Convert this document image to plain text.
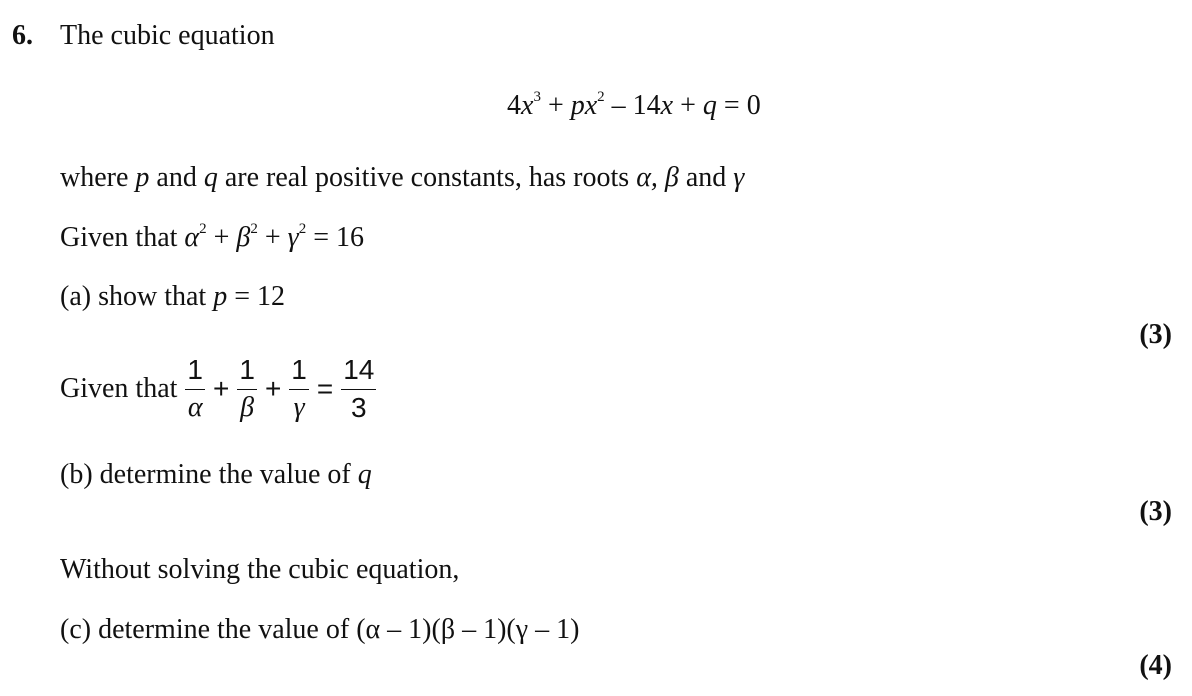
6. The cubic equation
$4x^3 + px^2 - 14x + q = 0$
where p and q are real positive constants, has roots α, β and γ
Given that $\alpha^2 + \beta^2 + \gamma^2 = 16$
(a) show that p = 12
(3)
Given that $\frac{1}{\alpha} + \frac{1}{\beta} + \frac{1}{\gamma} = \frac{14}{3}$
(b) determine the value of q
(3)
Without solving the cubic equation,
(c) determine the value of (α – 1)(β – 1)(γ – 1)
(4)
